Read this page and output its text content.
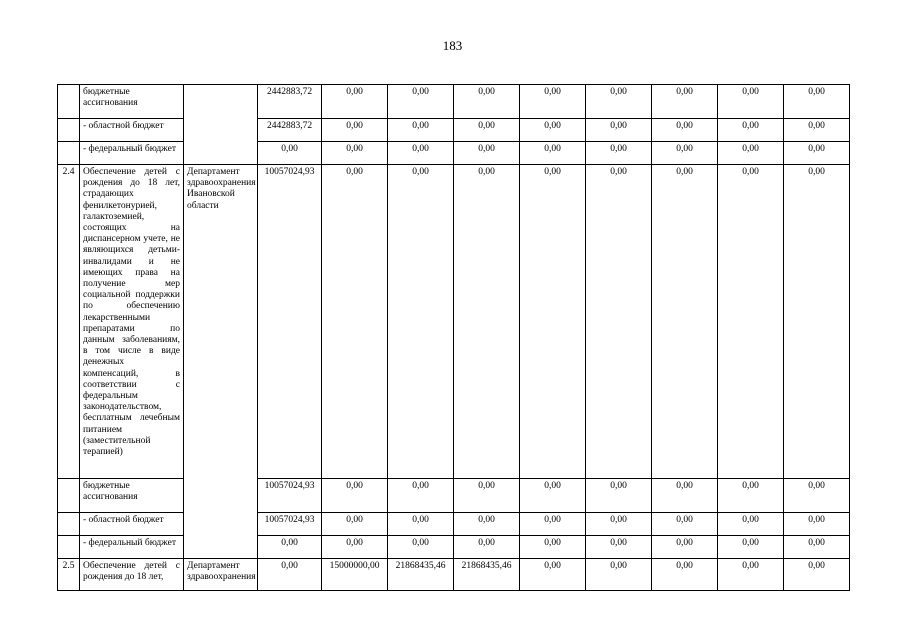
183
	бюджетные ассигнования		2442883,72	0,00	0,00	0,00	0,00	0,00	0,00	0,00	0,00
	- областной бюджет		2442883,72	0,00	0,00	0,00	0,00	0,00	0,00	0,00	0,00
	- федеральный бюджет		0,00	0,00	0,00	0,00	0,00	0,00	0,00	0,00	0,00
2.4	Обеспечение детей с рождения до 18 лет, страдающих фенилкетонурией, галактоземией, состоящих на диспансерном учете, не являющихся детьми-инвалидами и не имеющих права на получение мер социальной поддержки по обеспечению лекарственными препаратами по данным заболеваниям, в том числе в виде денежных компенсаций, в соответствии с федеральным законодательством, бесплатным лечебным питанием (заместительной терапией)	Департамент здравоохранения Ивановской области	10057024,93	0,00	0,00	0,00	0,00	0,00	0,00	0,00	0,00
	бюджетные ассигнования		10057024,93	0,00	0,00	0,00	0,00	0,00	0,00	0,00	0,00
	- областной бюджет		10057024,93	0,00	0,00	0,00	0,00	0,00	0,00	0,00	0,00
	- федеральный бюджет		0,00	0,00	0,00	0,00	0,00	0,00	0,00	0,00	0,00
2.5	Обеспечение детей с рождения до 18 лет,	Департамент здравоохранения	0,00	15000000,00	21868435,46	21868435,46	0,00	0,00	0,00	0,00	0,00
